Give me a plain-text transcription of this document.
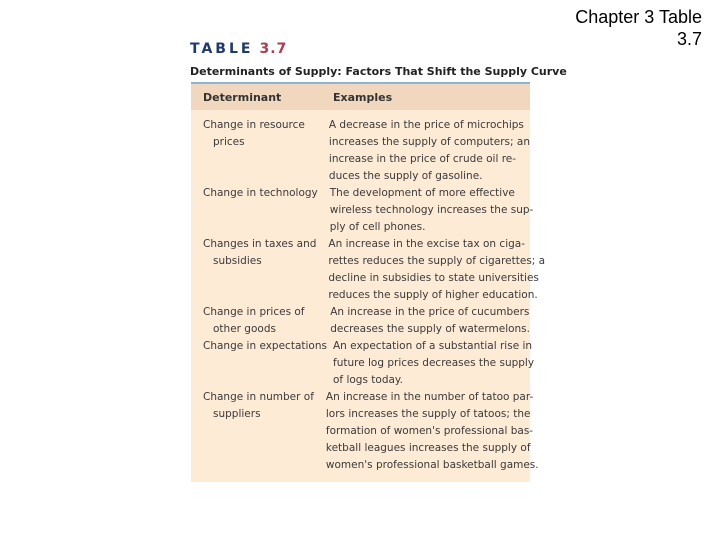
Chapter 3 Table
3.7
TABLE 3.7
Determinants of Supply: Factors That Shift the Supply Curve
Determinant	Examples
Change in resource
prices
A decrease in the price of microchips
increases the supply of computers; an
increase in the price of crude oil re-
duces the supply of gasoline.
Change in technology The development of more effective
wireless technology increases the sup-
ply of cell phones.
Changes in taxes and
subsidies
An increase in the excise tax on ciga-
rettes reduces the supply of cigarettes; a
decline in subsidies to state universities
reduces the supply of higher education.
Change in prices of
other goods
An increase in the price of cucumbers
decreases the supply of watermelons.
Change in expectations An expectation of a substantial rise in
future log prices decreases the supply
of logs today.
Change in number of
suppliers
An increase in the number of tatoo par-
lors increases the supply of tatoos; the
formation of women's professional bas-
ketball leagues increases the supply of
women's professional basketball games.
